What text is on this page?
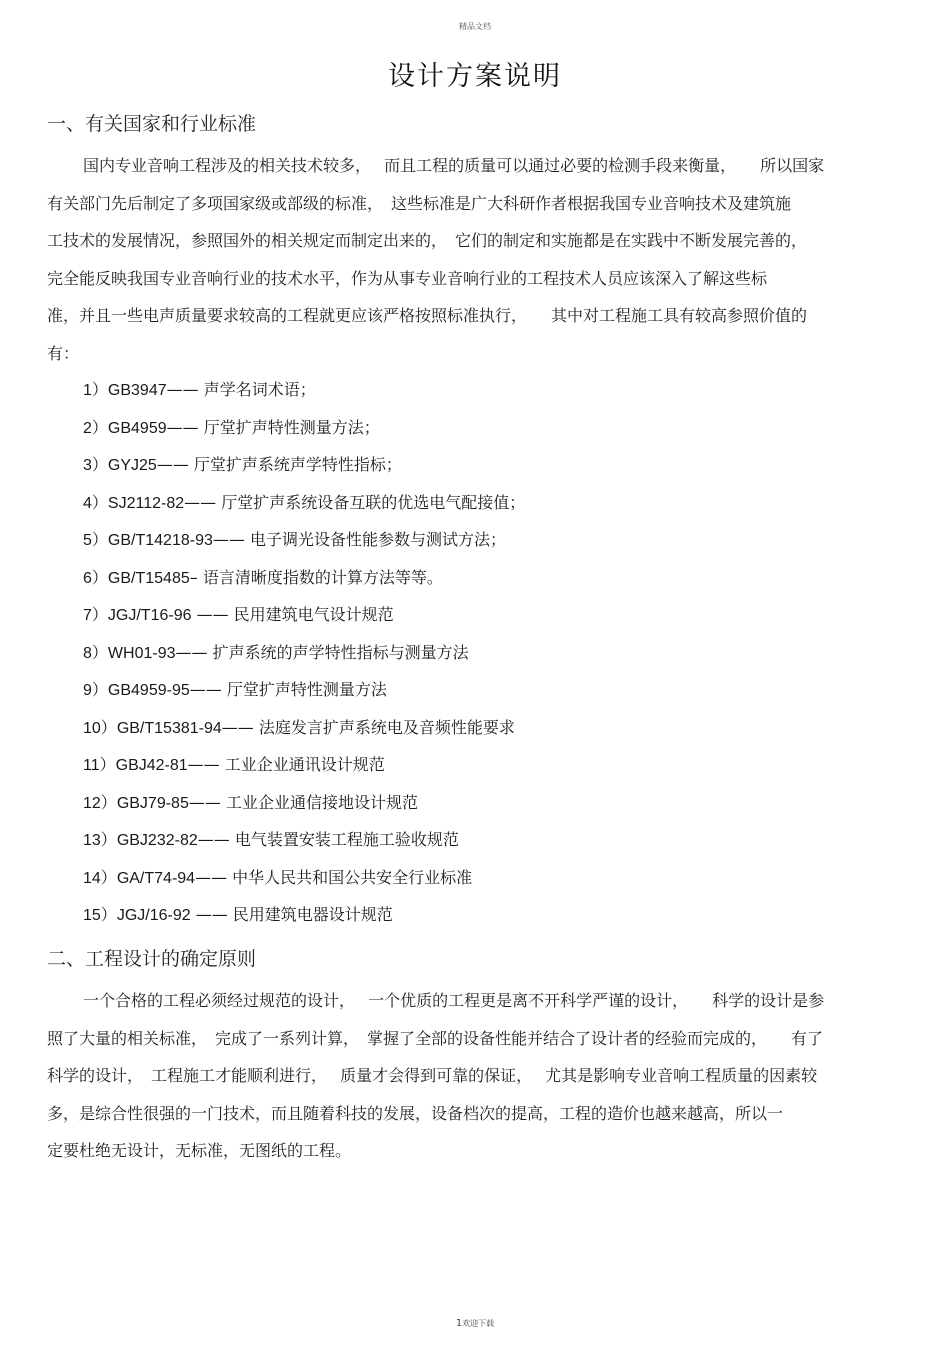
精品文档
设计方案说明
一、有关国家和行业标准
国内专业音响工程涉及的相关技术较多，　 而且工程的质量可以通过必要的检测手段来衡量，　　所以国家
有关部门先后制定了多项国家级或部级的标准，　这些标准是广大科研作者根据我国专业音响技术及建筑施
工技术的发展情况，参照国外的相关规定而制定出来的，　它们的制定和实施都是在实践中不断发展完善的，
完全能反映我国专业音响行业的技术水平，作为从事专业音响行业的工程技术人员应该深入了解这些标
准，并且一些电声质量要求较高的工程就更应该严格按照标准执行，　　其中对工程施工具有较高参照价值的
有：
1）GB3947—— 声学名词术语；
2）GB4959—— 厅堂扩声特性测量方法；
3）GYJ25—— 厅堂扩声系统声学特性指标；
4）SJ2112-82—— 厅堂扩声系统设备互联的优选电气配接值；
5）GB/T14218-93—— 电子调光设备性能参数与测试方法；
6）GB/T15485– 语言清晰度指数的计算方法等等。
7）JGJ/T16-96 —— 民用建筑电气设计规范
8）WH01-93—— 扩声系统的声学特性指标与测量方法
9）GB4959-95—— 厅堂扩声特性测量方法
10）GB/T15381-94—— 法庭发言扩声系统电及音频性能要求
11）GBJ42-81—— 工业企业通讯设计规范
12）GBJ79-85—— 工业企业通信接地设计规范
13）GBJ232-82—— 电气装置安装工程施工验收规范
14）GA/T74-94—— 中华人民共和国公共安全行业标准
15）JGJ/16-92 —— 民用建筑电器设计规范
二、工程设计的确定原则
一个合格的工程必须经过规范的设计，　 一个优质的工程更是离不开科学严谨的设计，　　科学的设计是参
照了大量的相关标准，　完成了一系列计算，　掌握了全部的设备性能并结合了设计者的经验而完成的，　　有了
科学的设计，　工程施工才能顺利进行，　 质量才会得到可靠的保证，　 尤其是影响专业音响工程质量的因素较
多，是综合性很强的一门技术，而且随着科技的发展，设备档次的提高，工程的造价也越来越高，所以一
定要杜绝无设计，无标准，无图纸的工程。
1欢迎下载
